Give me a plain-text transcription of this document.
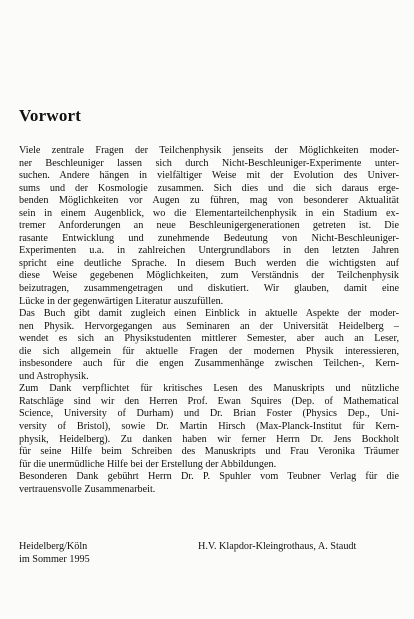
Vorwort
Viele zentrale Fragen der Teilchenphysik jenseits der Möglichkeiten moder-
ner Beschleuniger lassen sich durch Nicht-Beschleuniger-Experimente unter-
suchen. Andere hängen in vielfältiger Weise mit der Evolution des Univer-
sums und der Kosmologie zusammen. Sich dies und die sich daraus erge-
benden Möglichkeiten vor Augen zu führen, mag von besonderer Aktualität
sein in einem Augenblick, wo die Elementarteilchenphysik in ein Stadium ex-
tremer Anforderungen an neue Beschleunigergenerationen getreten ist. Die
rasante Entwicklung und zunehmende Bedeutung von Nicht-Beschleuniger-
Experimenten u.a. in zahlreichen Untergrundlabors in den letzten Jahren
spricht eine deutliche Sprache. In diesem Buch werden die wichtigsten auf
diese Weise gegebenen Möglichkeiten, zum Verständnis der Teilchenphysik
beizutragen, zusammengetragen und diskutiert. Wir glauben, damit eine
Lücke in der gegenwärtigen Literatur auszufüllen.
Das Buch gibt damit zugleich einen Einblick in aktuelle Aspekte der moder-
nen Physik. Hervorgegangen aus Seminaren an der Universität Heidelberg –
wendet es sich an Physikstudenten mittlerer Semester, aber auch an Leser,
die sich allgemein für aktuelle Fragen der modernen Physik interessieren,
insbesondere auch für die engen Zusammenhänge zwischen Teilchen-, Kern-
und Astrophysik.
Zum Dank verpflichtet für kritisches Lesen des Manuskripts und nützliche
Ratschläge sind wir den Herren Prof. Ewan Squires (Dep. of Mathematical
Science, University of Durham) und Dr. Brian Foster (Physics Dep., Uni-
versity of Bristol), sowie Dr. Martin Hirsch (Max-Planck-Institut für Kern-
physik, Heidelberg). Zu danken haben wir ferner Herrn Dr. Jens Bockholt
für seine Hilfe beim Schreiben des Manuskripts und Frau Veronika Träumer
für die unermüdliche Hilfe bei der Erstellung der Abbildungen.
Besonderen Dank gebührt Herrn Dr. P. Spuhler vom Teubner Verlag für die
vertrauensvolle Zusammenarbeit.
Heidelberg/Köln
im Sommer 1995
H.V. Klapdor-Kleingrothaus, A. Staudt
